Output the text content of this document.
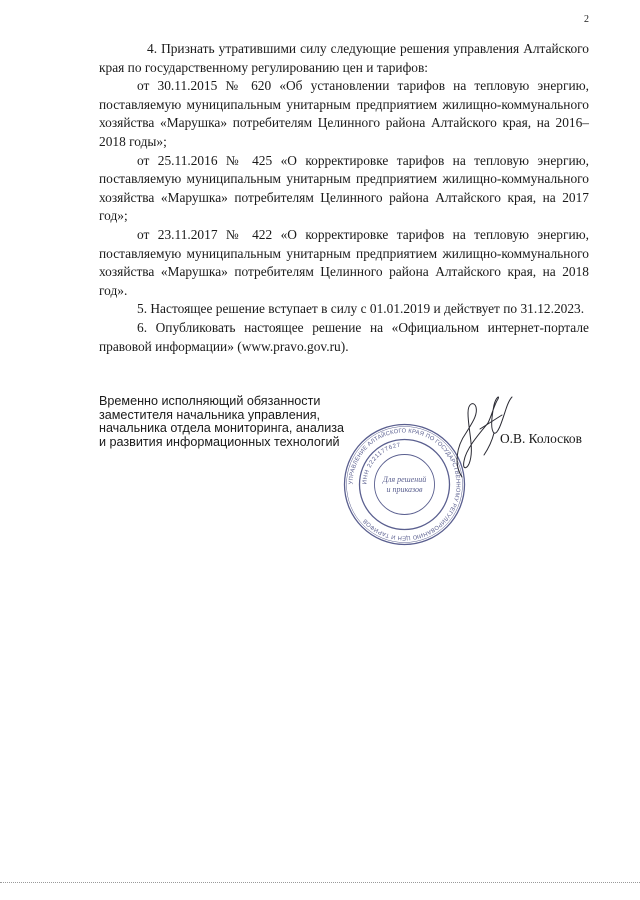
2

4. Признать утратившими силу следующие решения управления Алтайского края по государственному регулированию цен и тарифов:

от 30.11.2015 № 620 «Об установлении тарифов на тепловую энергию, поставляемую муниципальным унитарным предприятием жилищно-коммунального хозяйства «Марушка» потребителям Целинного района Алтайского края, на 2016–2018 годы»;

от 25.11.2016 № 425 «О корректировке тарифов на тепловую энергию, поставляемую муниципальным унитарным предприятием жилищно-коммунального хозяйства «Марушка» потребителям Целинного района Алтайского края, на 2017 год»;

от 23.11.2017 № 422 «О корректировке тарифов на тепловую энергию, поставляемую муниципальным унитарным предприятием жилищно-коммунального хозяйства «Марушка» потребителям Целинного района Алтайского края, на 2018 год».

5. Настоящее решение вступает в силу с 01.01.2019 и действует по 31.12.2023.

6. Опубликовать настоящее решение на «Официальном интернет-портале правовой информации» (www.pravo.gov.ru).

Временно исполняющий обязанности
заместителя начальника управления,
начальника отдела мониторинга, анализа
и развития информационных технологий	О.В. Колосков
УПРАВЛЕНИЕ АЛТАЙСКОГО КРАЯ ПО ГОСУДАРСТВЕННОМУ РЕГУЛИРОВАНИЮ ЦЕН И ТАРИФОВ
ИНН 2221177627
Для решений
и приказов
